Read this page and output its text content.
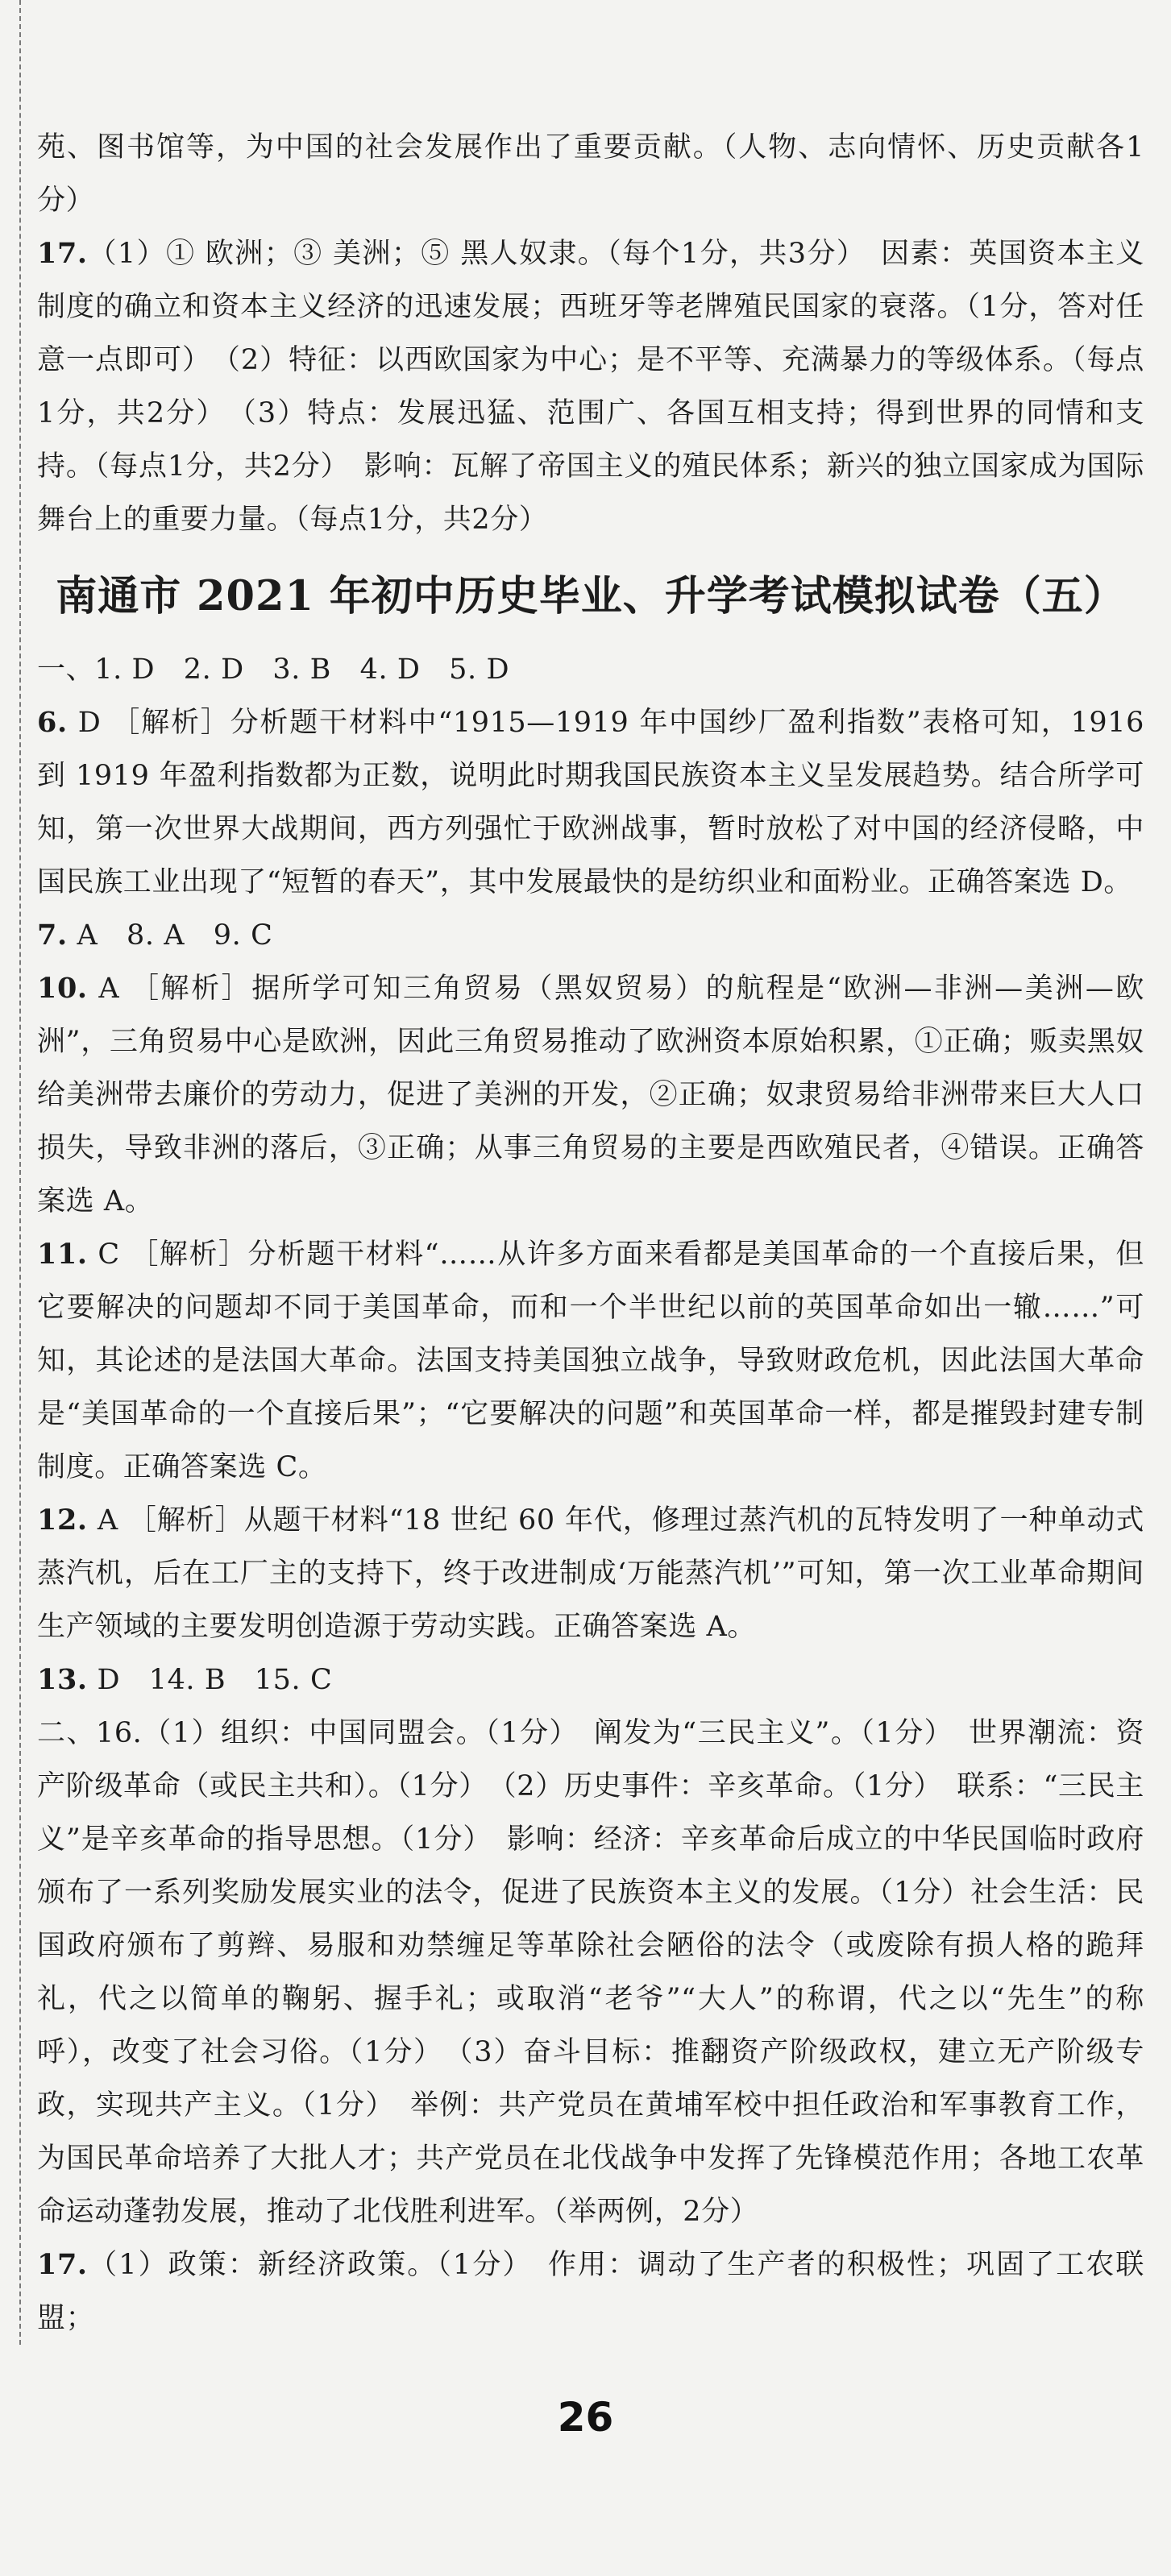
苑、图书馆等，为中国的社会发展作出了重要贡献。（人物、志向情怀、历史贡献各1分）

17.（1）① 欧洲；③ 美洲；⑤ 黑人奴隶。（每个1分，共3分）　因素：英国资本主义制度的确立和资本主义经济的迅速发展；西班牙等老牌殖民国家的衰落。（1分，答对任意一点即可）　（2）特征：以西欧国家为中心；是不平等、充满暴力的等级体系。（每点1分，共2分）　（3）特点：发展迅猛、范围广、各国互相支持；得到世界的同情和支持。（每点1分，共2分）　影响：瓦解了帝国主义的殖民体系；新兴的独立国家成为国际舞台上的重要力量。（每点1分，共2分）

南通市 2021 年初中历史毕业、升学考试模拟试卷（五）

一、1. D　2. D　3. B　4. D　5. D

6. D ［解析］分析题干材料中“1915—1919 年中国纱厂盈利指数”表格可知，1916 到 1919 年盈利指数都为正数，说明此时期我国民族资本主义呈发展趋势。结合所学可知，第一次世界大战期间，西方列强忙于欧洲战事，暂时放松了对中国的经济侵略，中国民族工业出现了“短暂的春天”，其中发展最快的是纺织业和面粉业。正确答案选 D。

7. A　8. A　9. C

10. A ［解析］据所学可知三角贸易（黑奴贸易）的航程是“欧洲—非洲—美洲—欧洲”，三角贸易中心是欧洲，因此三角贸易推动了欧洲资本原始积累，①正确；贩卖黑奴给美洲带去廉价的劳动力，促进了美洲的开发，②正确；奴隶贸易给非洲带来巨大人口损失，导致非洲的落后，③正确；从事三角贸易的主要是西欧殖民者，④错误。正确答案选 A。

11. C ［解析］分析题干材料“……从许多方面来看都是美国革命的一个直接后果，但它要解决的问题却不同于美国革命，而和一个半世纪以前的英国革命如出一辙……”可知，其论述的是法国大革命。法国支持美国独立战争，导致财政危机，因此法国大革命是“美国革命的一个直接后果”；“它要解决的问题”和英国革命一样，都是摧毁封建专制制度。正确答案选 C。

12. A ［解析］从题干材料“18 世纪 60 年代，修理过蒸汽机的瓦特发明了一种单动式蒸汽机，后在工厂主的支持下，终于改进制成‘万能蒸汽机’”可知，第一次工业革命期间生产领域的主要发明创造源于劳动实践。正确答案选 A。

13. D　14. B　15. C

二、16.（1）组织：中国同盟会。（1分）　阐发为“三民主义”。（1分）　世界潮流：资产阶级革命（或民主共和）。（1分）　（2）历史事件：辛亥革命。（1分）　联系：“三民主义”是辛亥革命的指导思想。（1分）　影响：经济：辛亥革命后成立的中华民国临时政府颁布了一系列奖励发展实业的法令，促进了民族资本主义的发展。（1分）社会生活：民国政府颁布了剪辫、易服和劝禁缠足等革除社会陋俗的法令（或废除有损人格的跪拜礼，代之以简单的鞠躬、握手礼；或取消“老爷”“大人”的称谓，代之以“先生”的称呼），改变了社会习俗。（1分）　（3）奋斗目标：推翻资产阶级政权，建立无产阶级专政，实现共产主义。（1分）　举例：共产党员在黄埔军校中担任政治和军事教育工作，为国民革命培养了大批人才；共产党员在北伐战争中发挥了先锋模范作用；各地工农革命运动蓬勃发展，推动了北伐胜利进军。（举两例，2分）

17.（1）政策：新经济政策。（1分）　作用：调动了生产者的积极性；巩固了工农联盟；

26
